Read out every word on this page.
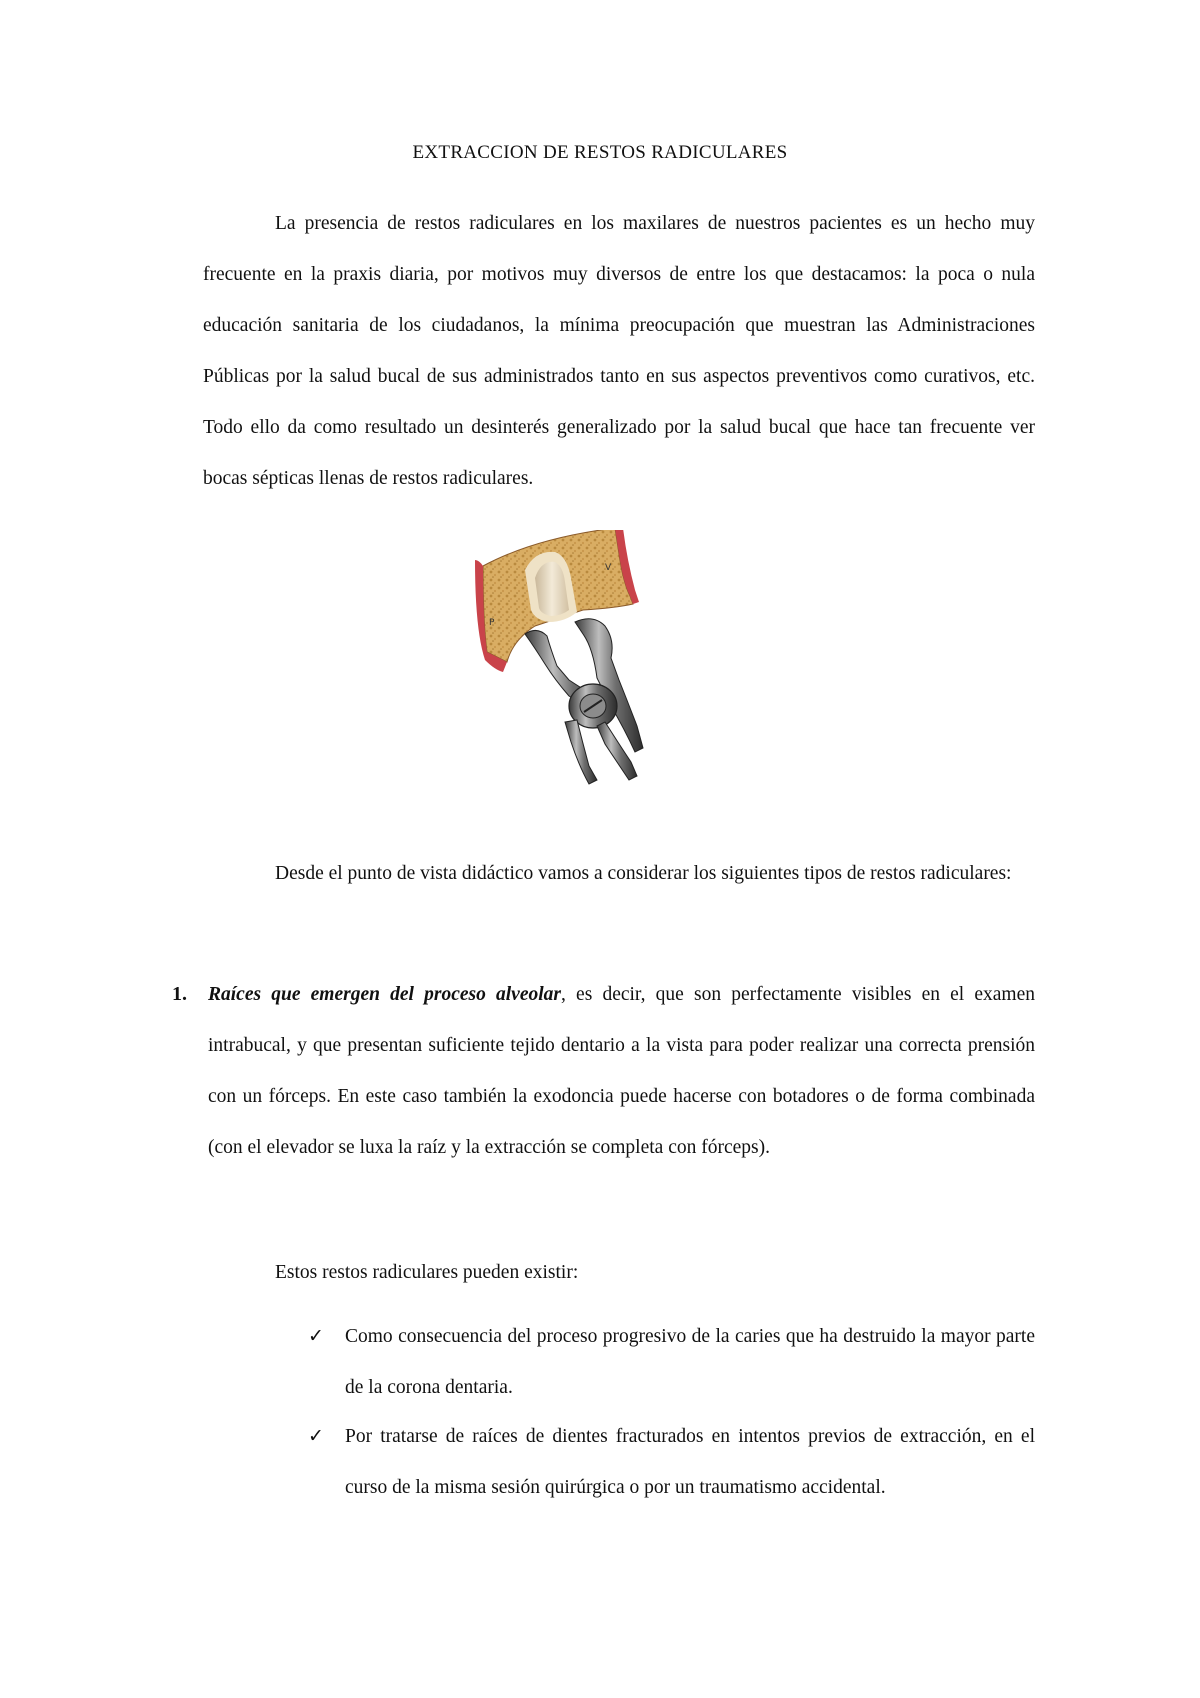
EXTRACCION DE RESTOS RADICULARES

La presencia de restos radiculares en los maxilares de nuestros pacientes es un hecho muy frecuente en la praxis diaria, por motivos muy diversos de entre los que destacamos: la poca o nula educación sanitaria de los ciudadanos, la mínima preocupación que muestran las Administraciones Públicas por la salud bucal de sus administrados tanto en sus aspectos preventivos como curativos, etc. Todo ello da como resultado un desinterés generalizado por la salud bucal que hace tan frecuente ver bocas sépticas llenas de restos radiculares.

V
P

Desde el punto de vista didáctico vamos a considerar los siguientes tipos de restos radiculares:

1. Raíces que emergen del proceso alveolar, es decir, que son perfectamente visibles en el examen intrabucal, y que presentan suficiente tejido dentario a la vista para poder realizar una correcta prensión con un fórceps. En este caso también la exodoncia puede hacerse con botadores o de forma combinada (con el elevador se luxa la raíz y la extracción se completa con fórceps).

Estos restos radiculares pueden existir:

✓ Como consecuencia del proceso progresivo de la caries que ha destruido la mayor parte de la corona dentaria.

✓ Por tratarse de raíces de dientes fracturados en intentos previos de extracción, en el curso de la misma sesión quirúrgica o por un traumatismo accidental.
